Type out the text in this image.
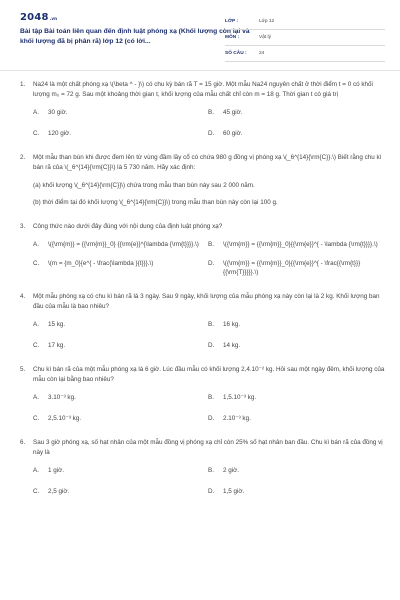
2048.vn
Bài tập Bài toán liên quan đến định luật phóng xạ (Khối lượng còn lại và khối lượng đã bị phân rã) lớp 12 (có lời...
LỚP :	Lớp 12
MÔN :	Vật lý
SỐ CÂU :	24
1.	Na24 là một chất phóng xạ \(\beta ^ - }\) có chu kỳ bán rã T = 15 giờ. Một mẫu Na24 nguyên chất ở thời điểm t = 0 có khối lượng m₀ = 72 g. Sau một khoảng thời gian t, khối lượng của mẫu chất chỉ còn m = 18 g. Thời gian t có giá trị
A.	30 giờ.	B.	45 giờ.
C.	120 giờ.	D.	60 giờ.
2.	Một mẫu than bùn khi được đem lên từ vùng đầm lầy cổ có chứa 980 g đồng vị phóng xạ \(_6^{14}{\rm{C}}.\) Biết rằng chu kì bán rã của \(_6^{14}{\rm{C}}\) là 5 730 năm. Hãy xác định:
(a) khối lượng \(_6^{14}{\rm{C}}\) chứa trong mẫu than bùn này sau 2 000 năm.
(b) thời điểm tại đó khối lượng \(_6^{14}{\rm{C}}\) trong mẫu than bùn này còn lại 100 g.
3.	Công thức nào dưới đây đúng với nội dung của định luật phóng xạ?
A.	\({\rm{m}} = {{\rm{m}}_0} {{\rm{e}}^{\lambda {\rm{t}}}}.\) B.	\({\rm{m}} = {{\rm{m}}_0}{{\rm{e}}^{ - \lambda {\rm{t}}}}.\)
C.	\(m = {m_0}{e^{ - \frac{\lambda }{t}}}.\)	D.	\({\rm{m}} = {{\rm{m}}_0}{{\rm{e}}^{ - \frac{{\rm{t}}}{{\rm{T}}}}}.\)
4.	Một mẫu phóng xạ có chu kì bán rã là 3 ngày. Sau 9 ngày, khối lượng của mẫu phóng xạ này còn lại là 2 kg. Khối lượng ban đầu của mẫu là bao nhiêu?
A.	15 kg.	B.	16 kg.
C.	17 kg.	D.	14 kg.
5.	Chu kì bán rã của một mẫu phóng xạ là 6 giờ. Lúc đầu mẫu có khối lượng 2,4.10⁻² kg. Hỏi sau một ngày đêm, khối lượng của mẫu còn lại bằng bao nhiêu?
A.	3.10⁻³ kg.	B.	1,5.10⁻³ kg.
C.	2,5.10⁻³ kg.	D.	2.10⁻³ kg.
6.	Sau 3 giờ phóng xạ, số hạt nhân của một mẫu đồng vị phóng xạ chỉ còn 25% số hạt nhân ban đầu. Chu kì bán rã của đồng vị này là
A.	1 giờ.	B.	2 giờ.
C.	2,5 giờ.	D.	1,5 giờ.
